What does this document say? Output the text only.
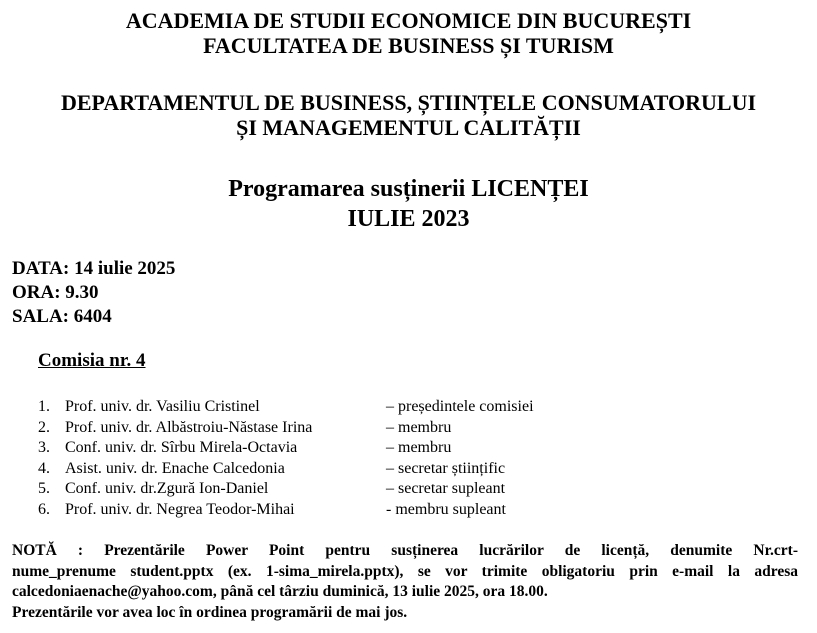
ACADEMIA DE STUDII ECONOMICE DIN BUCUREȘTI
FACULTATEA DE BUSINESS ȘI TURISM
DEPARTAMENTUL DE BUSINESS, ȘTIINȚELE CONSUMATORULUI
ȘI MANAGEMENTUL CALITĂȚII
Programarea susținerii LICENȚEI
IULIE 2023
DATA: 14 iulie 2025
ORA: 9.30
SALA: 6404
Comisia nr. 4
1. Prof. univ. dr. Vasiliu Cristinel	– președintele comisiei
2. Prof. univ. dr. Albăstroiu-Năstase Irina	– membru
3. Conf. univ. dr. Sîrbu Mirela-Octavia	– membru
4. Asist. univ. dr. Enache Calcedonia	– secretar științific
5. Conf. univ. dr.Zgură Ion-Daniel	– secretar supleant
6. Prof. univ. dr. Negrea Teodor-Mihai	- membru supleant
NOTĂ : Prezentările Power Point pentru susținerea lucrărilor de licență, denumite Nr.crt-
nume_prenume student.pptx (ex. 1-sima_mirela.pptx), se vor trimite obligatoriu prin e-mail la adresa
calcedoniaenache@yahoo.com, până cel târziu duminică, 13 iulie 2025, ora 18.00.
Prezentările vor avea loc în ordinea programării de mai jos.
